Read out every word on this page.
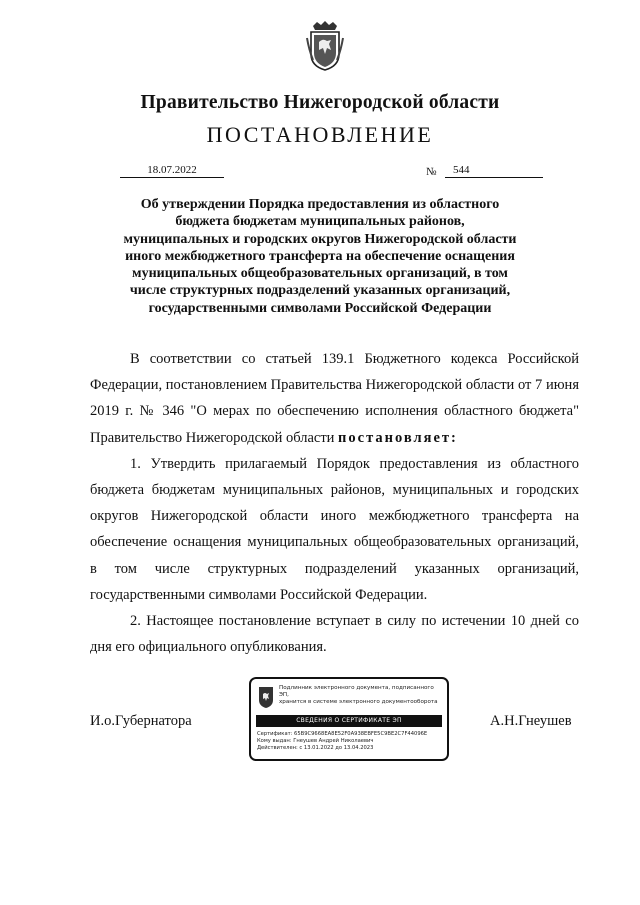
Правительство Нижегородской области
ПОСТАНОВЛЕНИЕ
18.07.2022	№	544
Об утверждении Порядка предоставления из областного
бюджета бюджетам муниципальных районов,
муниципальных и городских округов Нижегородской области
иного межбюджетного трансферта на обеспечение оснащения
муниципальных общеобразовательных организаций, в том
числе структурных подразделений указанных организаций,
государственными символами Российской Федерации

В соответствии со статьей 139.1 Бюджетного кодекса Российской Федерации, постановлением Правительства Нижегородской области от 7 июня 2019 г. № 346 "О мерах по обеспечению исполнения областного бюджета" Правительство Нижегородской области постановляет:

1. Утвердить прилагаемый Порядок предоставления из областного бюджета бюджетам муниципальных районов, муниципальных и городских округов Нижегородской области иного межбюджетного трансферта на обеспечение оснащения муниципальных общеобразовательных организаций, в том числе структурных подразделений указанных организаций, государственными символами Российской Федерации.

2. Настоящее постановление вступает в силу по истечении 10 дней со дня его официального опубликования.

И.о.Губернатора	А.Н.Гнеушев
Подлинник электронного документа, подписанного ЭП,
хранится в системе электронного документооборота
СВЕДЕНИЯ О СЕРТИФИКАТЕ ЭП
Сертификат: 65B9C9668EA8E52F0A938EBFE5C9BE2C7F44096E
Кому выдан: Гнеушев Андрей Николаевич
Действителен: с 13.01.2022 до 13.04.2023
